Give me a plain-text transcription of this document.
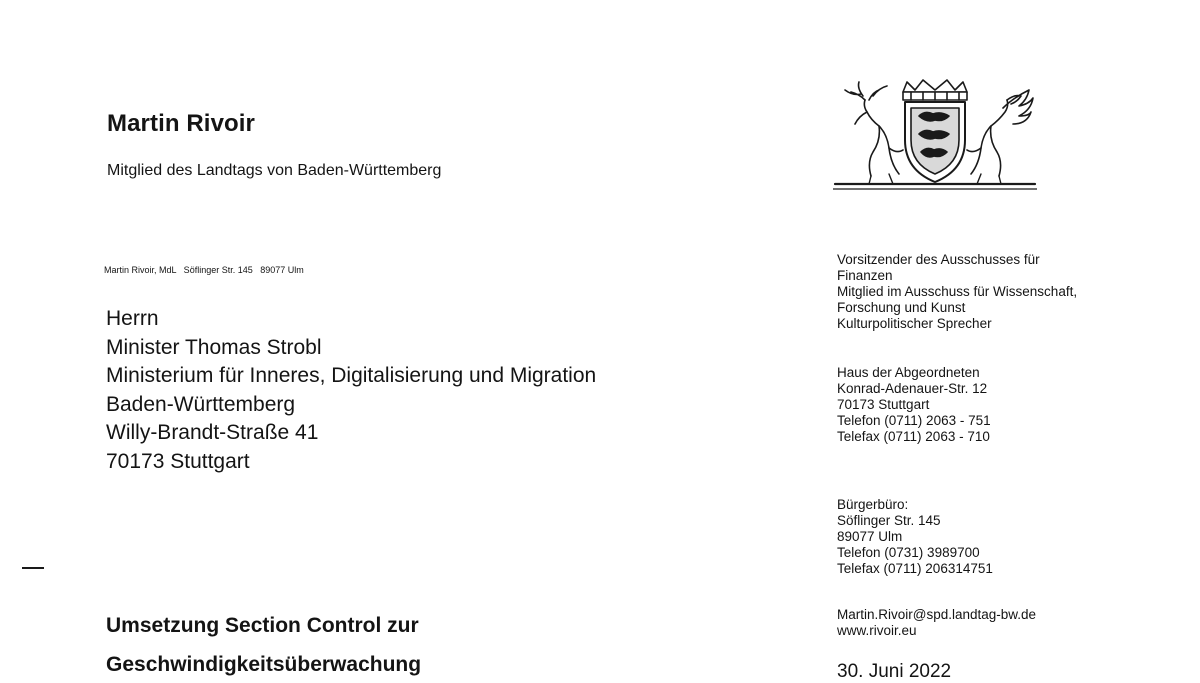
Martin Rivoir
Mitglied des Landtags von Baden-Württemberg
Martin Rivoir, MdL   Söflinger Str. 145   89077 Ulm
Herrn
Minister Thomas Strobl
Ministerium für Inneres, Digitalisierung und Migration
Baden-Württemberg
Willy-Brandt-Straße 41
70173 Stuttgart
Vorsitzender des Ausschusses für
Finanzen
Mitglied im Ausschuss für Wissenschaft,
Forschung und Kunst
Kulturpolitischer Sprecher
Haus der Abgeordneten
Konrad-Adenauer-Str. 12
70173 Stuttgart
Telefon (0711) 2063 - 751
Telefax (0711) 2063 - 710
Bürgerbüro:
Söflinger Str. 145
89077 Ulm
Telefon (0731) 3989700
Telefax (0711) 206314751
Martin.Rivoir@spd.landtag-bw.de
www.rivoir.eu
30. Juni 2022
Umsetzung Section Control zur
Geschwindigkeitsüberwachung
